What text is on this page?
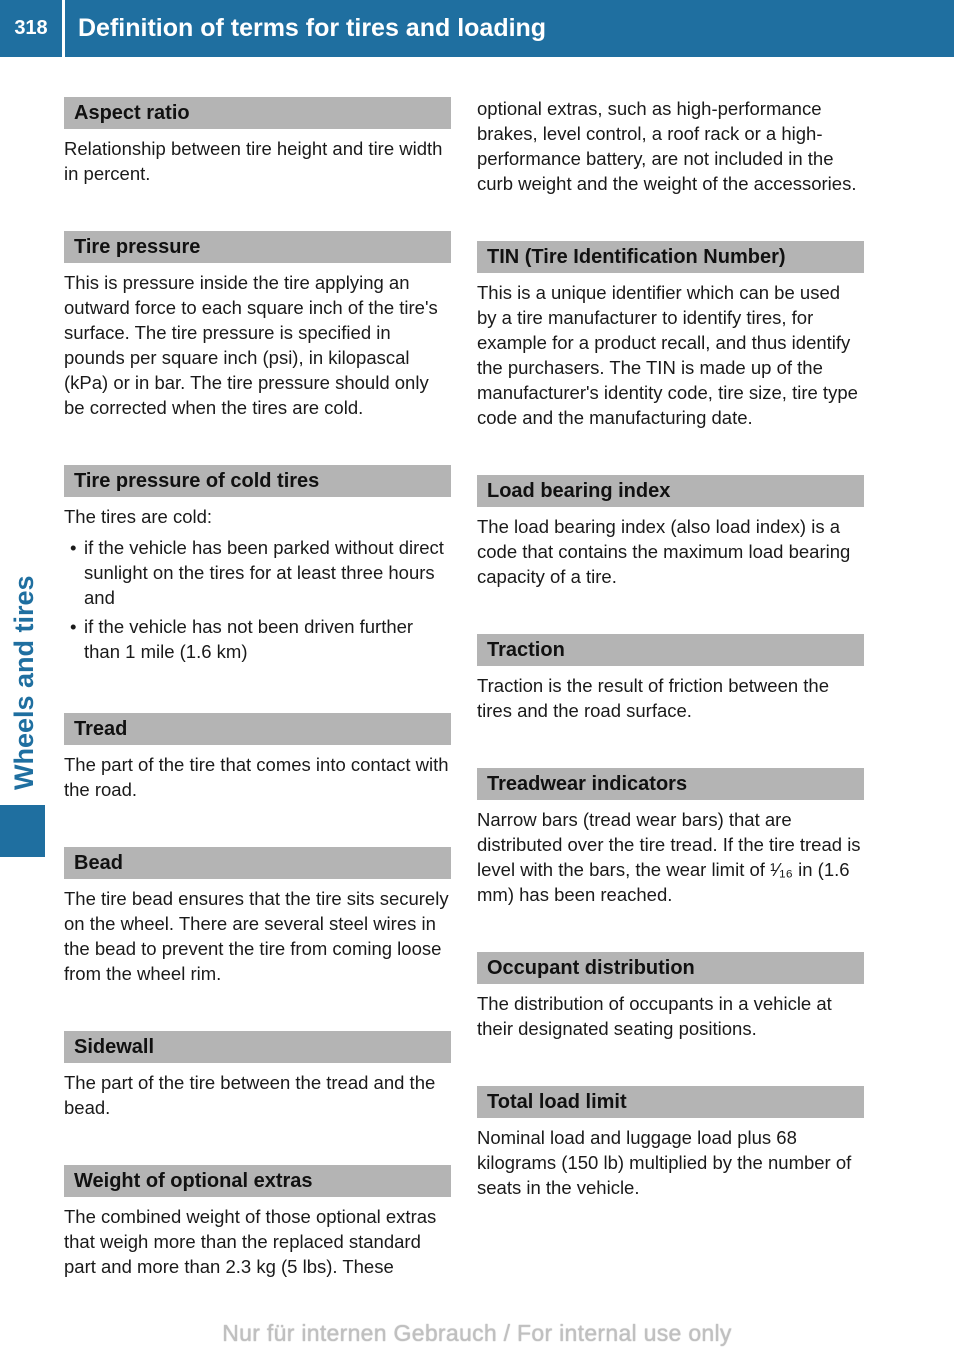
318	Definition of terms for tires and loading
Wheels and tires
Aspect ratio

Relationship between tire height and tire width in percent.

Tire pressure

This is pressure inside the tire applying an outward force to each square inch of the tire's surface. The tire pressure is specified in pounds per square inch (psi), in kilopascal (kPa) or in bar. The tire pressure should only be corrected when the tires are cold.

Tire pressure of cold tires

The tires are cold:

• if the vehicle has been parked without direct sunlight on the tires for at least three hours and
• if the vehicle has not been driven further than 1 mile (1.6 km)
Tread

The part of the tire that comes into contact with the road.

Bead

The tire bead ensures that the tire sits securely on the wheel. There are several steel wires in the bead to prevent the tire from coming loose from the wheel rim.

Sidewall

The part of the tire between the tread and the bead.

Weight of optional extras

The combined weight of those optional extras that weigh more than the replaced standard part and more than 2.3 kg (5 lbs). These

optional extras, such as high-performance brakes, level control, a roof rack or a high-performance battery, are not included in the curb weight and the weight of the accessories.

TIN (Tire Identification Number)

This is a unique identifier which can be used by a tire manufacturer to identify tires, for example for a product recall, and thus identify the purchasers. The TIN is made up of the manufacturer's identity code, tire size, tire type code and the manufacturing date.

Load bearing index

The load bearing index (also load index) is a code that contains the maximum load bearing capacity of a tire.

Traction

Traction is the result of friction between the tires and the road surface.

Treadwear indicators

Narrow bars (tread wear bars) that are distributed over the tire tread. If the tire tread is level with the bars, the wear limit of ¹⁄₁₆ in (1.6 mm) has been reached.

Occupant distribution

The distribution of occupants in a vehicle at their designated seating positions.

Total load limit

Nominal load and luggage load plus 68 kilograms (150 lb) multiplied by the number of seats in the vehicle.

Nur für internen Gebrauch / For internal use only
